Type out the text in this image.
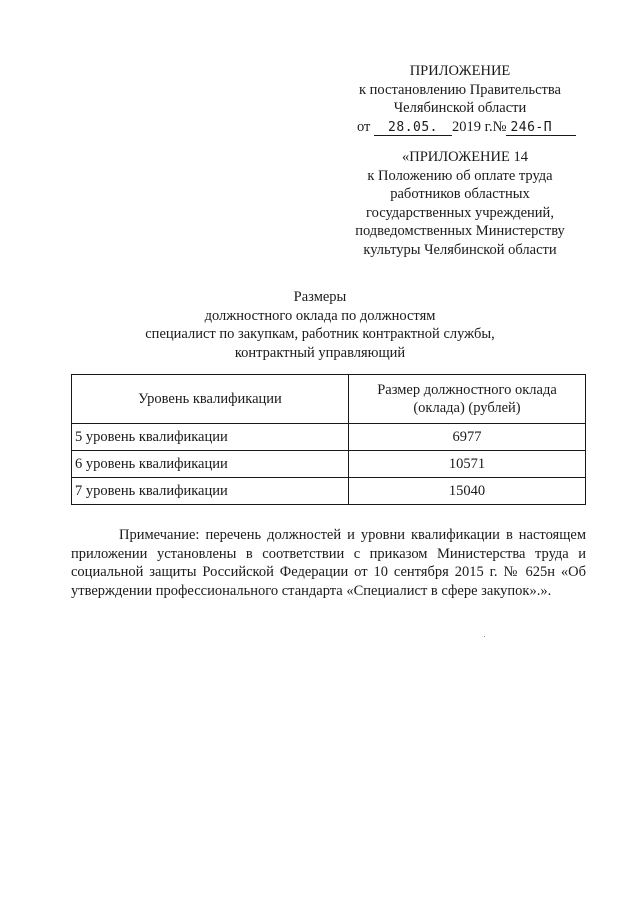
ПРИЛОЖЕНИЕ
к постановлению Правительства
Челябинской области
от 28.05. 2019 г.№ 246-П
«ПРИЛОЖЕНИЕ 14
к Положению об оплате труда
работников областных
государственных учреждений,
подведомственных Министерству
культуры Челябинской области
Размеры
должностного оклада по должностям
специалист по закупкам, работник контрактной службы,
контрактный управляющий
Уровень квалификации	Размер должностного оклада (оклада) (рублей)
5 уровень квалификации	6977
6 уровень квалификации	10571
7 уровень квалификации	15040
Примечание: перечень должностей и уровни квалификации в настоящем приложении установлены в соответствии с приказом Министерства труда и социальной защиты Российской Федерации от 10 сентября 2015 г. № 625н «Об утверждении профессионального стандарта «Специалист в сфере закупок».».
